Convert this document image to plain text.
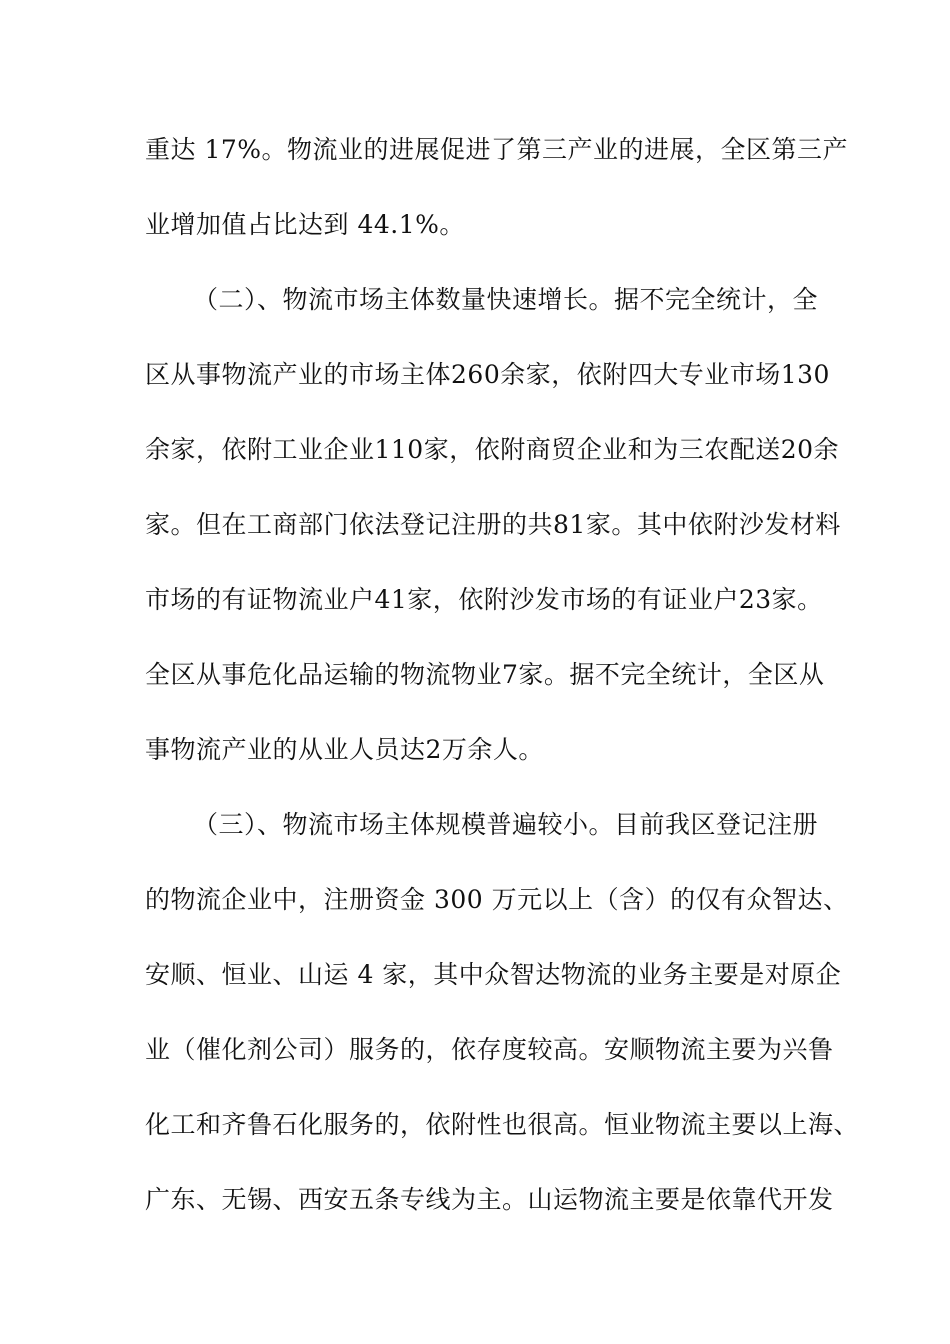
重达 17%。物流业的进展促进了第三产业的进展，全区第三产
业增加值占比达到 44.1%。
（二）、物流市场主体数量快速增长。据不完全统计，全
区从事物流产业的市场主体260余家，依附四大专业市场130
余家，依附工业企业110家，依附商贸企业和为三农配送20余
家。但在工商部门依法登记注册的共81家。其中依附沙发材料
市场的有证物流业户41家，依附沙发市场的有证业户23家。
全区从事危化品运输的物流物业7家。据不完全统计，全区从
事物流产业的从业人员达2万余人。
（三）、物流市场主体规模普遍较小。目前我区登记注册
的物流企业中，注册资金 300 万元以上（含）的仅有众智达、
安顺、恒业、山运 4 家，其中众智达物流的业务主要是对原企
业（催化剂公司）服务的，依存度较高。安顺物流主要为兴鲁
化工和齐鲁石化服务的，依附性也很高。恒业物流主要以上海、
广东、无锡、西安五条专线为主。山运物流主要是依靠代开发
